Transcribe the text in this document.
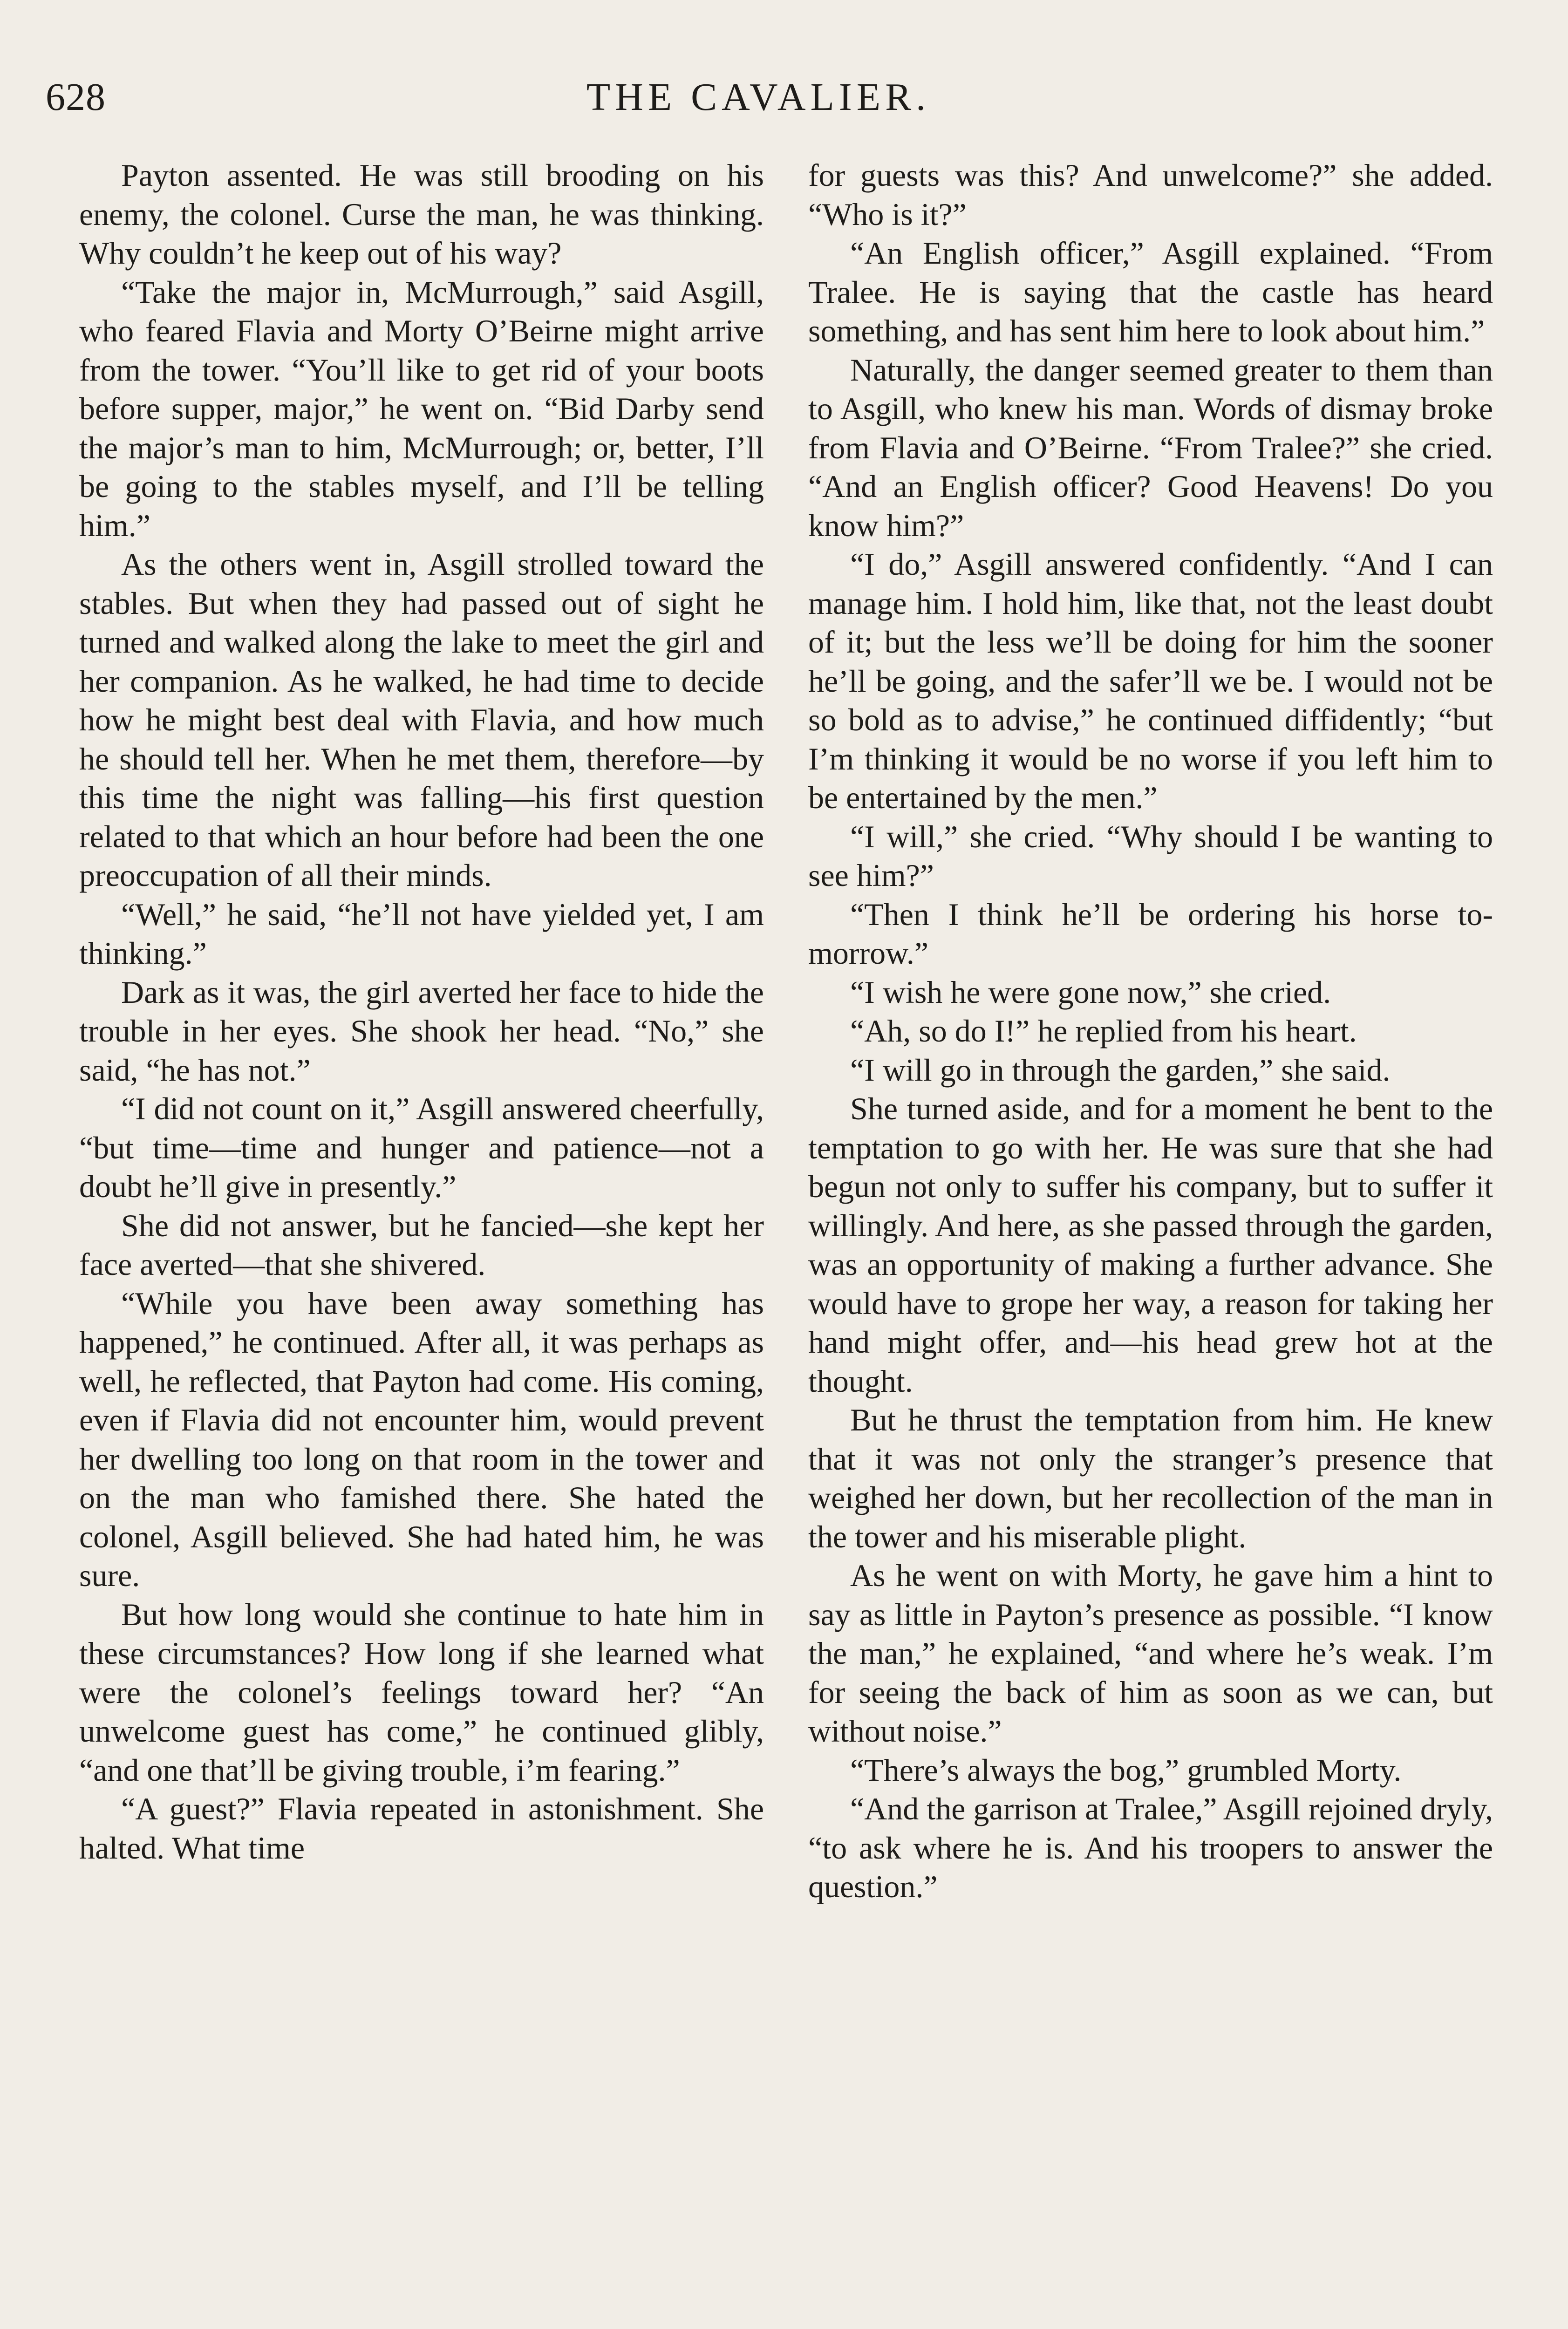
628	THE CAVALIER.

Payton assented. He was still brooding on his enemy, the colonel. Curse the man, he was thinking. Why couldn’t he keep out of his way?

“Take the major in, McMurrough,” said Asgill, who feared Flavia and Morty O’Beirne might arrive from the tower. “You’ll like to get rid of your boots before supper, major,” he went on. “Bid Darby send the major’s man to him, McMurrough; or, better, I’ll be going to the stables myself, and I’ll be telling him.”

As the others went in, Asgill strolled toward the stables. But when they had passed out of sight he turned and walked along the lake to meet the girl and her companion. As he walked, he had time to decide how he might best deal with Flavia, and how much he should tell her. When he met them, therefore—by this time the night was falling—his first question related to that which an hour before had been the one preoccupation of all their minds.

“Well,” he said, “he’ll not have yielded yet, I am thinking.”

Dark as it was, the girl averted her face to hide the trouble in her eyes. She shook her head. “No,” she said, “he has not.”

“I did not count on it,” Asgill answered cheerfully, “but time—time and hunger and patience—not a doubt he’ll give in presently.”

She did not answer, but he fancied—she kept her face averted—that she shivered.

“While you have been away something has happened,” he continued. After all, it was perhaps as well, he reflected, that Payton had come. His coming, even if Flavia did not encounter him, would prevent her dwelling too long on that room in the tower and on the man who famished there. She hated the colonel, Asgill believed. She had hated him, he was sure.

But how long would she continue to hate him in these circumstances? How long if she learned what were the colonel’s feelings toward her? “An unwelcome guest has come,” he continued glibly, “and one that’ll be giving trouble, i’m fearing.”

“A guest?” Flavia repeated in astonishment. She halted. What time

for guests was this? And unwelcome?” she added. “Who is it?”

“An English officer,” Asgill explained. “From Tralee. He is saying that the castle has heard something, and has sent him here to look about him.”

Naturally, the danger seemed greater to them than to Asgill, who knew his man. Words of dismay broke from Flavia and O’Beirne. “From Tralee?” she cried. “And an English officer? Good Heavens! Do you know him?”

“I do,” Asgill answered confidently. “And I can manage him. I hold him, like that, not the least doubt of it; but the less we’ll be doing for him the sooner he’ll be going, and the safer’ll we be. I would not be so bold as to advise,” he continued diffidently; “but I’m thinking it would be no worse if you left him to be entertained by the men.”

“I will,” she cried. “Why should I be wanting to see him?”

“Then I think he’ll be ordering his horse to-morrow.”

“I wish he were gone now,” she cried.

“Ah, so do I!” he replied from his heart.

“I will go in through the garden,” she said.

She turned aside, and for a moment he bent to the temptation to go with her. He was sure that she had begun not only to suffer his company, but to suffer it willingly. And here, as she passed through the garden, was an opportunity of making a further advance. She would have to grope her way, a reason for taking her hand might offer, and—his head grew hot at the thought.

But he thrust the temptation from him. He knew that it was not only the stranger’s presence that weighed her down, but her recollection of the man in the tower and his miserable plight.

As he went on with Morty, he gave him a hint to say as little in Payton’s presence as possible. “I know the man,” he explained, “and where he’s weak. I’m for seeing the back of him as soon as we can, but without noise.”

“There’s always the bog,” grumbled Morty.

“And the garrison at Tralee,” Asgill rejoined dryly, “to ask where he is. And his troopers to answer the question.”
